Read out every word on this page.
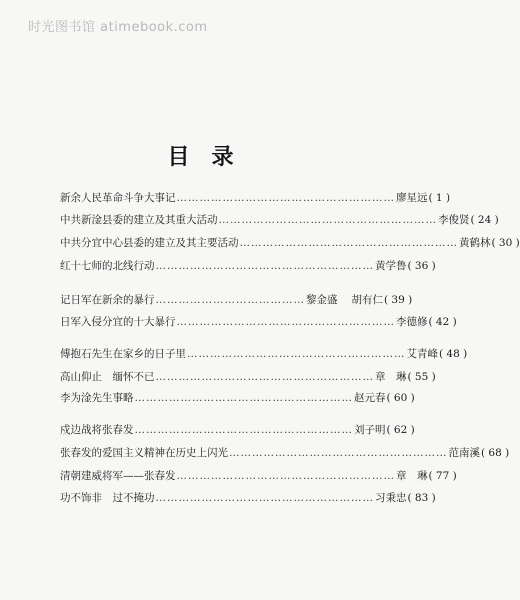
时光图书馆 atimebook.com
目录
新余人民革命斗争大事记 ………………………………………………… 廖星远 ( 1 )
中共新淦县委的建立及其重大活动 ………………………………………………… 李俊贤 ( 24 )
中共分宜中心县委的建立及其主要活动 ………………………………………………… 黄鹤林 ( 30 )
红十七师的北线行动 ………………………………………………… 黄学鲁 ( 36 )
记日军在新余的暴行 ………………………………… 黎金盛 胡有仁 ( 39 )
日军入侵分宜的十大暴行 ………………………………………………… 李德修 ( 42 )
傅抱石先生在家乡的日子里 ………………………………………………… 艾青峰 ( 48 )
高山仰止　缅怀不已 ………………………………………………… 章　琳 ( 55 )
李为淦先生事略 ………………………………………………… 赵元春 ( 60 )
戍边战将张春发 ………………………………………………… 刘子明 ( 62 )
张春发的爱国主义精神在历史上闪光 ………………………………………………… 范南溪 ( 68 )
清朝建威将军——张春发 ………………………………………………… 章　琳 ( 77 )
功不饰非　过不掩功 ………………………………………………… 习秉忠 ( 83 )
